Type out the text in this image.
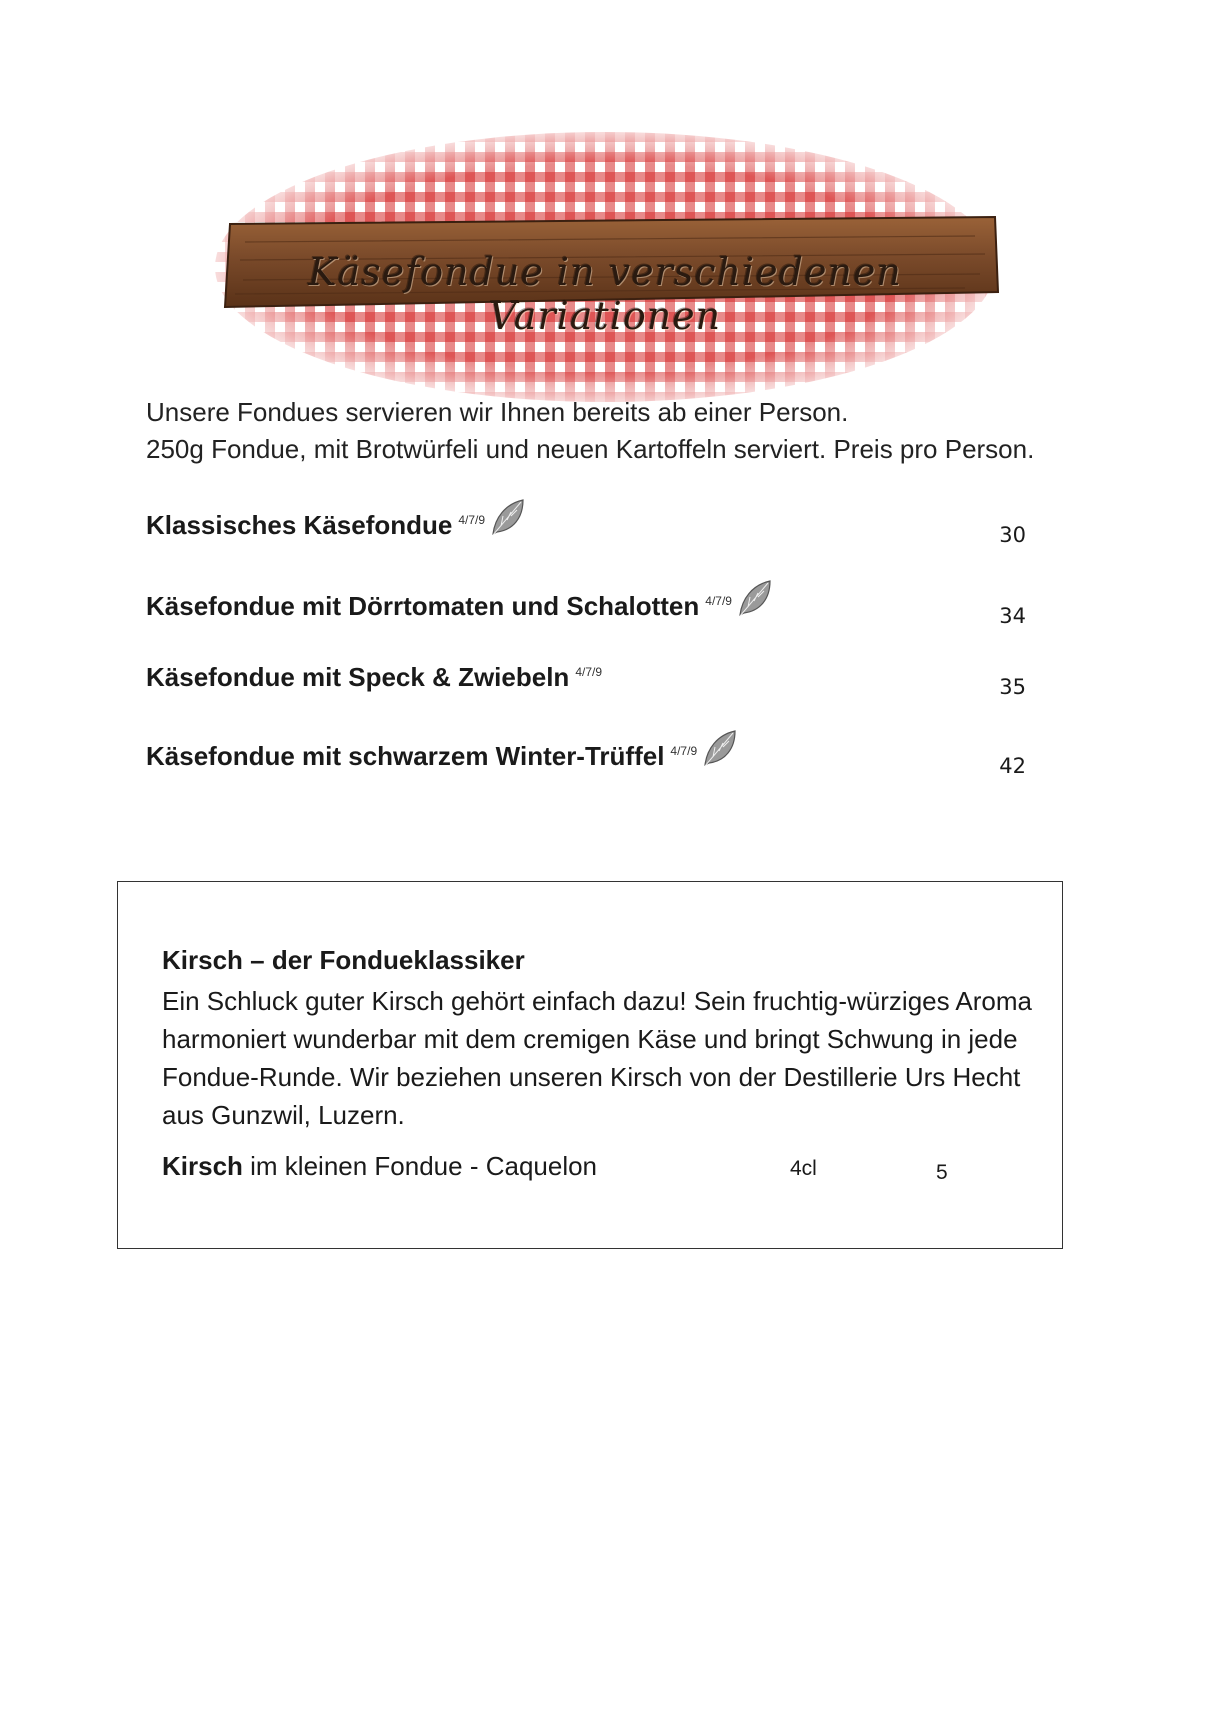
Käsefondue in verschiedenen Variationen
Unsere Fondues servieren wir Ihnen bereits ab einer Person.
250g Fondue, mit Brotwürfeli und neuen Kartoffeln serviert. Preis pro Person.
Klassisches Käsefondue $^{4/7/9}$
30
Käsefondue mit Dörrtomaten und Schalotten $^{4/7/9}$
34
Käsefondue mit Speck & Zwiebeln $^{4/7/9}$
35
Käsefondue mit schwarzem Winter-Trüffel $^{4/7/9}$
42
Kirsch – der Fondueklassiker
Ein Schluck guter Kirsch gehört einfach dazu! Sein fruchtig-würziges Aroma
harmoniert wunderbar mit dem cremigen Käse und bringt Schwung in jede
Fondue-Runde. Wir beziehen unseren Kirsch von der Destillerie Urs Hecht
aus Gunzwil, Luzern.
Kirsch im kleinen Fondue - Caquelon	4cl	5
